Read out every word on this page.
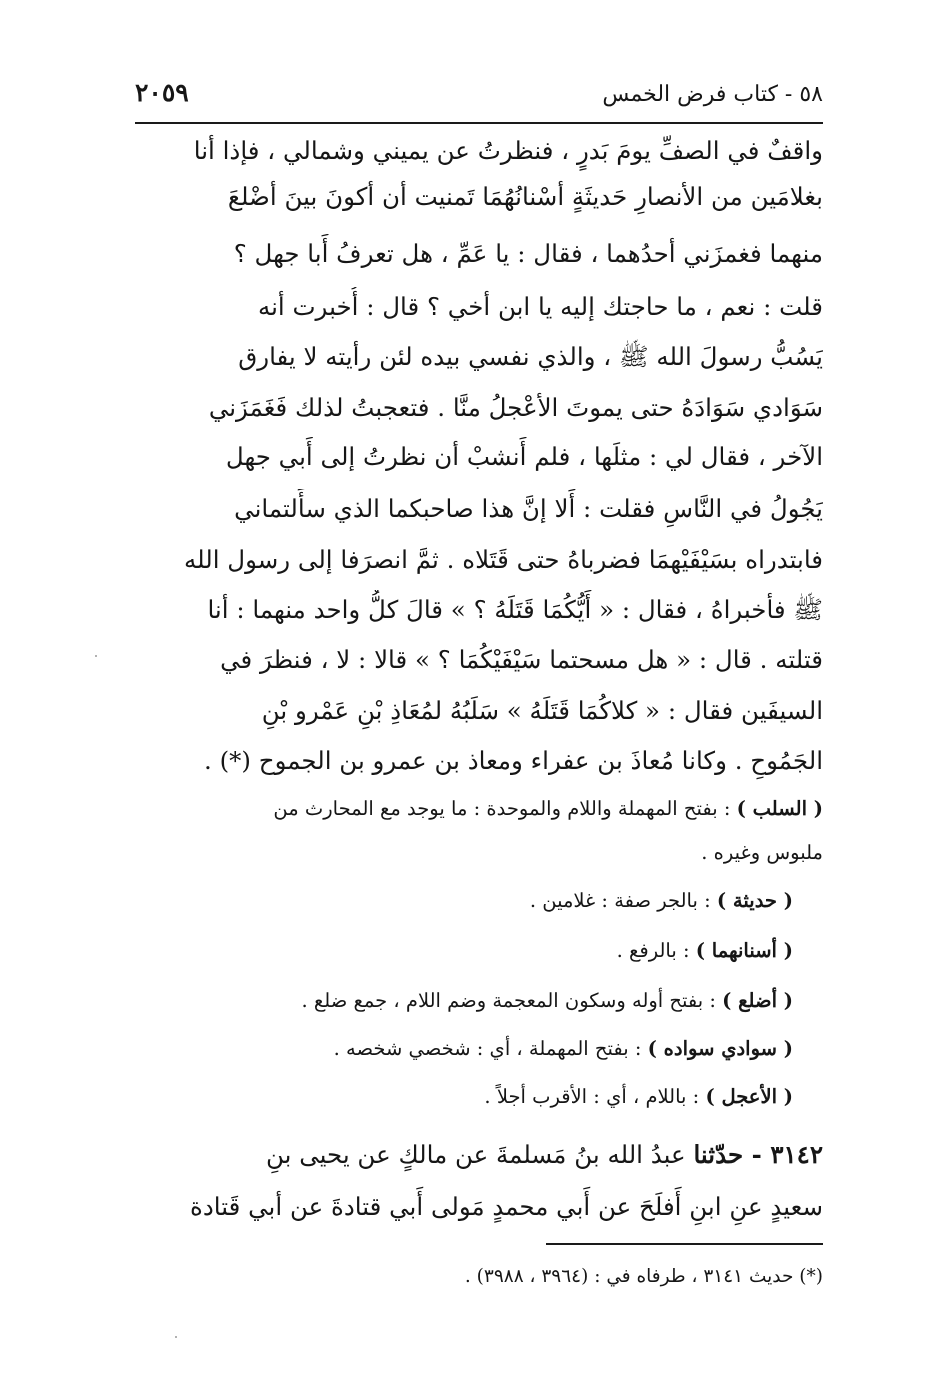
٥٨ - كتاب فرض الخمس
٢٠٥٩
واقفٌ في الصفِّ يومَ بَدرٍ ، فنظرتُ عن يميني وشمالي ، فإذا أنا
بغلامَين من الأنصارِ حَديثَةٍ أسْنانُهُمَا تَمنيت أن أكونَ بينَ أضْلعَ
منهما فغمزَني أحدُهما ، فقال : يا عَمِّ ، هل تعرفُ أَبا جهل ؟
قلت : نعم ، ما حاجتك إليه يا ابن أخي ؟ قال : أُخبرت أنه
يَسُبُّ رسولَ الله ﷺ ، والذي نفسي بيده لئن رأيته لا يفارق
سَوَادي سَوَادَهُ حتى يموتَ الأعْجلُ منَّا . فتعجبتُ لذلك فَغَمَزَني
الآخر ، فقال لي : مثلَها ، فلم أَنشبْ أن نظرتُ إلى أَبي جهل
يَجُولُ في النَّاسِ فقلت : أَلا إنَّ هذا صاحبكما الذي سأَلتماني
فابتدراه بسَيْفَيْهمَا فضرباهُ حتى قَتَلاه . ثمَّ انصرَفا إلى رسول الله
ﷺ فأخبراهُ ، فقال : « أَيُّكُمَا قَتَلَهُ ؟ » قالَ كلُّ واحد منهما : أنا
قتلته . قال : « هل مسحتما سَيْفَيْكُمَا ؟ » قالا : لا ، فنظرَ في
السيفَين فقال : « كلاكُمَا قَتَلَهُ » سَلَبُهُ لمُعَاذِ بْنِ عَمْرو بْنِ
الجَمُوحِ . وكانا مُعاذَ بن عفراء ومعاذ بن عمرو بن الجموح (*) .
( السلب ) : بفتح المهملة واللام والموحدة : ما يوجد مع المحارث من
ملبوس وغيره .
( حديثة ) : بالجر صفة : غلامين .
( أسنانهما ) : بالرفع .
( أضلع ) : بفتح أوله وسكون المعجمة وضم اللام ، جمع ضلع .
( سوادي سواده ) : بفتح المهملة ، أي : شخصي شخصه .
( الأعجل ) : باللام ، أي : الأقرب أجلاً .
٣١٤٢ - حدّثنا عبدُ الله بنُ مَسلمةَ عن مالكٍ عن يحيى بنِ
سعيدٍ عنِ ابنِ أَفلَحَ عن أَبي محمدٍ مَولى أَبي قتادةَ عن أبي قَتادة
(*) حديث ٣١٤١ ، طرفاه في : (٣٩٦٤ ، ٣٩٨٨) .
